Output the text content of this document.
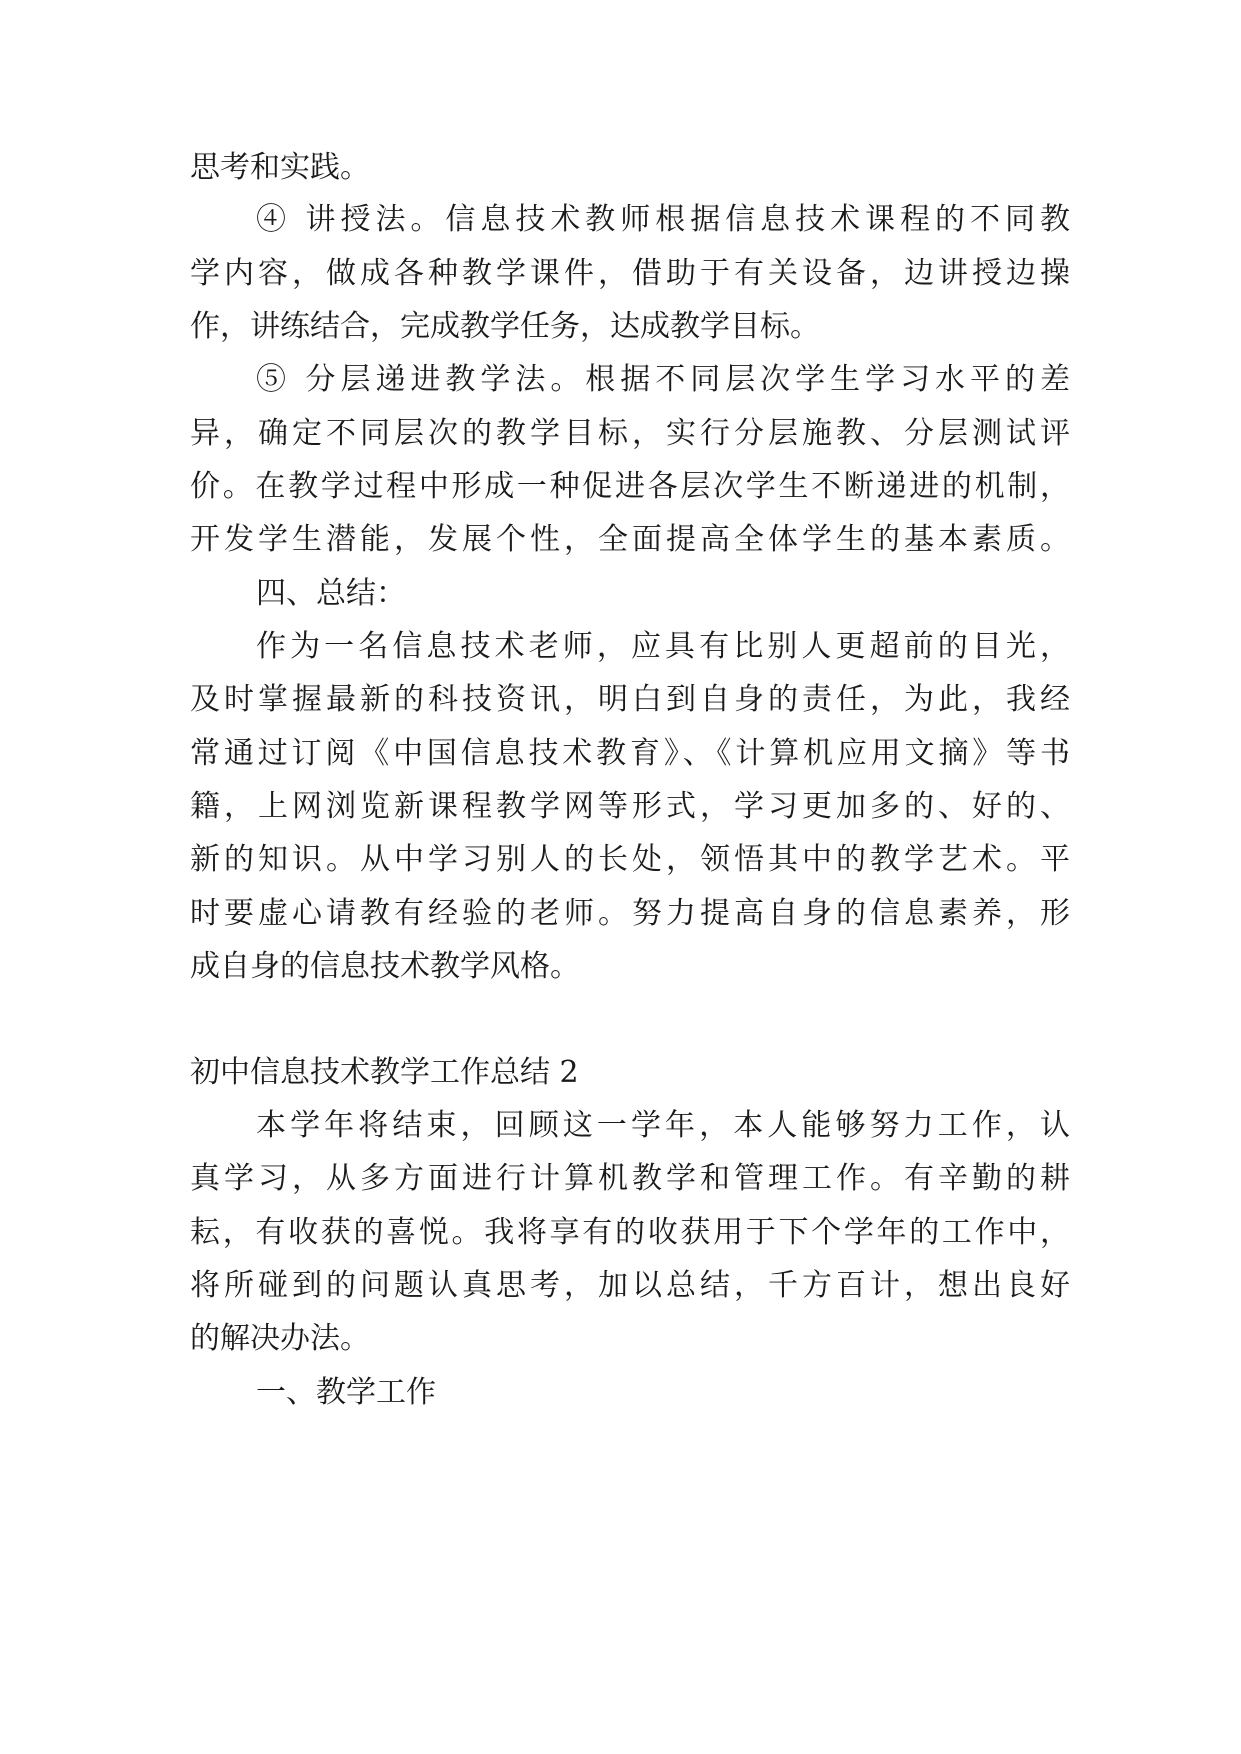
思考和实践。
④ 讲授法。信息技术教师根据信息技术课程的不同教
学内容，做成各种教学课件，借助于有关设备，边讲授边操
作，讲练结合，完成教学任务，达成教学目标。
⑤ 分层递进教学法。根据不同层次学生学习水平的差
异，确定不同层次的教学目标，实行分层施教、分层测试评
价。在教学过程中形成一种促进各层次学生不断递进的机制，
开发学生潜能，发展个性，全面提高全体学生的基本素质。
四、总结：
作为一名信息技术老师，应具有比别人更超前的目光，
及时掌握最新的科技资讯，明白到自身的责任，为此，我经
常通过订阅《中国信息技术教育》、《计算机应用文摘》等书
籍，上网浏览新课程教学网等形式，学习更加多的、好的、
新的知识。从中学习别人的长处，领悟其中的教学艺术。平
时要虚心请教有经验的老师。努力提高自身的信息素养，形
成自身的信息技术教学风格。
初中信息技术教学工作总结 2
本学年将结束，回顾这一学年，本人能够努力工作，认
真学习，从多方面进行计算机教学和管理工作。有辛勤的耕
耘，有收获的喜悦。我将享有的收获用于下个学年的工作中，
将所碰到的问题认真思考，加以总结，千方百计，想出良好
的解决办法。
一、教学工作
